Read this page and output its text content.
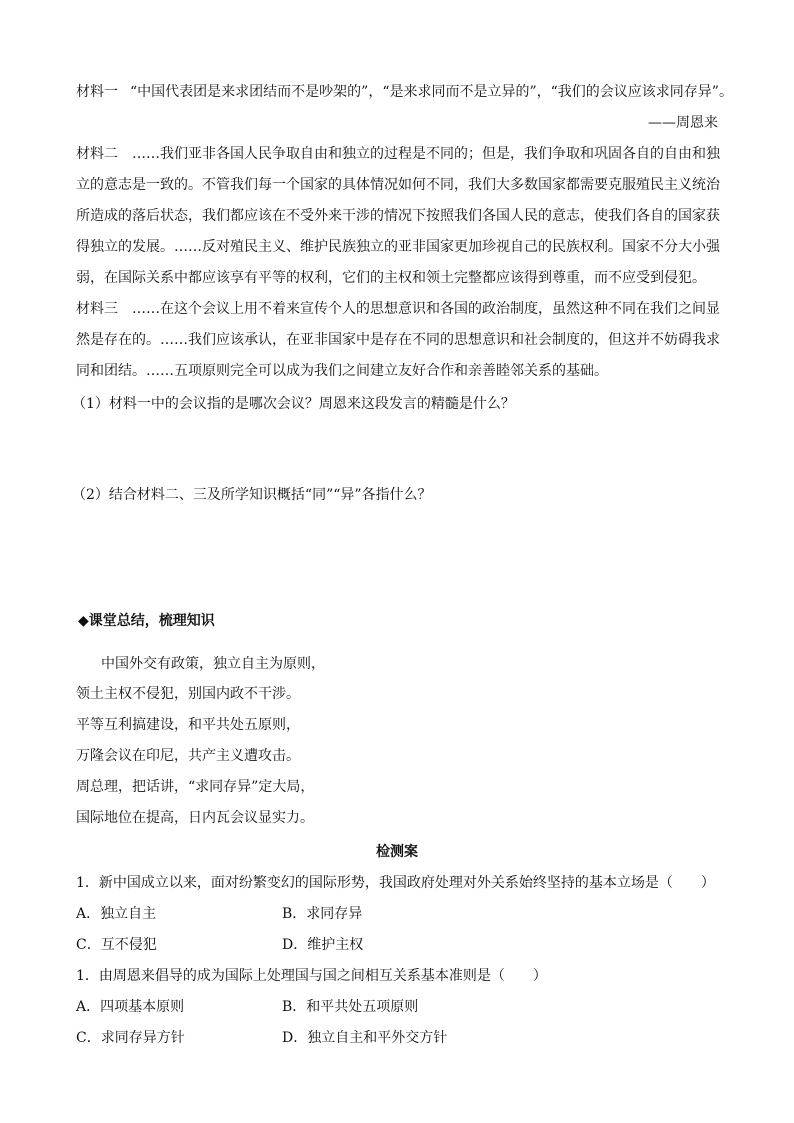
材料一 “中国代表团是来求团结而不是吵架的”，“是来求同而不是立异的”，“我们的会议应该求同存异”。
——周恩来
材料二 ……我们亚非各国人民争取自由和独立的过程是不同的；但是，我们争取和巩固各自的自由和独
立的意志是一致的。不管我们每一个国家的具体情况如何不同，我们大多数国家都需要克服殖民主义统治
所造成的落后状态，我们都应该在不受外来干涉的情况下按照我们各国人民的意志，使我们各自的国家获
得独立的发展。……反对殖民主义、维护民族独立的亚非国家更加珍视自己的民族权利。国家不分大小强
弱，在国际关系中都应该享有平等的权利，它们的主权和领土完整都应该得到尊重，而不应受到侵犯。
材料三 ……在这个会议上用不着来宣传个人的思想意识和各国的政治制度，虽然这种不同在我们之间显
然是存在的。……我们应该承认，在亚非国家中是存在不同的思想意识和社会制度的，但这并不妨碍我求
同和团结。……五项原则完全可以成为我们之间建立友好合作和亲善睦邻关系的基础。
（1）材料一中的会议指的是哪次会议？周恩来这段发言的精髓是什么？
（2）结合材料二、三及所学知识概括“同”“异”各指什么？
◆课堂总结，梳理知识
中国外交有政策，独立自主为原则，
领土主权不侵犯，别国内政不干涉。
平等互利搞建设，和平共处五原则，
万隆会议在印尼，共产主义遭攻击。
周总理，把话讲，“求同存异”定大局，
国际地位在提高，日内瓦会议显实力。
检测案
1．新中国成立以来，面对纷繁变幻的国际形势，我国政府处理对外关系始终坚持的基本立场是（　　）
A．独立自主	B．求同存异
C．互不侵犯	D．维护主权
1．由周恩来倡导的成为国际上处理国与国之间相互关系基本准则是（　　）
A．四项基本原则	B．和平共处五项原则
C．求同存异方针	D．独立自主和平外交方针
